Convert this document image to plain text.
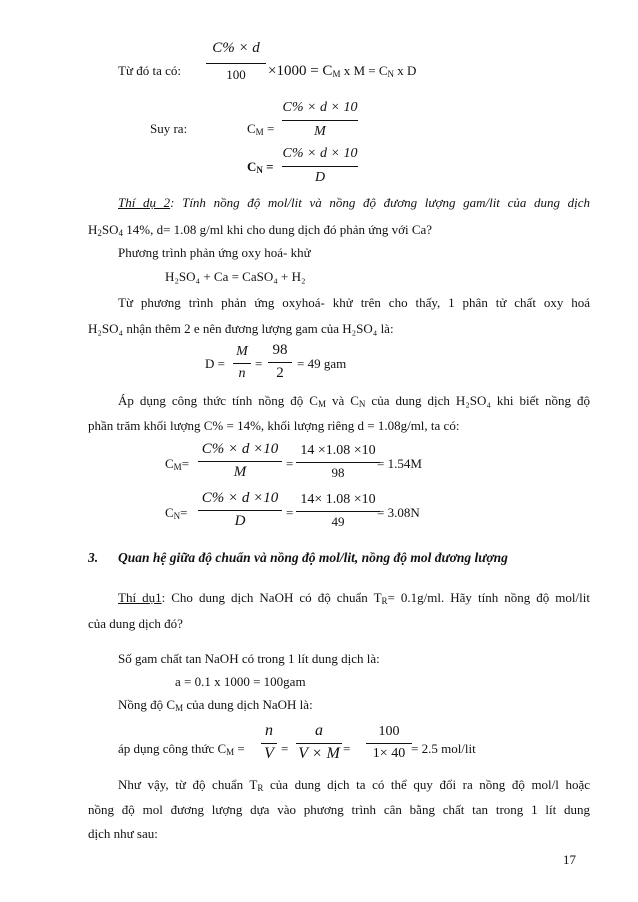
Từ đó ta có:
C% × d
100	$\times 1000 = C_M$ x $M = C_N$ x D
Suy ra:	$C_M$ =
C% × d × 10
M
$C_N$ =
C% × d × 10
D
Thí dụ 2: Tính nồng độ mol/lit và nồng độ đương lượng gam/lit của dung dịch
$H_2SO_4$ 14%, d= 1.08 g/ml khi cho dung dịch đó phản ứng với Ca?
Phương trình phản ứng oxy hoá- khử
H₂SO₄ + Ca = CaSO₄ + H₂
Từ phương trình phản ứng oxyhoá- khử trên cho thấy, 1 phân tử chất oxy hoá
H₂SO₄ nhận thêm 2 e nên đương lượng gam của H₂SO₄ là:
D =
M
n
=
98
2
= 49 gam
Áp dụng công thức tính nồng độ $C_M$ và $C_N$ của dung dịch H₂SO₄ khi biết nồng độ
phần trăm khối lượng C% = 14%, khối lượng riêng d = 1.08g/ml, ta có:
$C_M=$
C% × d ×10
M
=
14 ×1.08 ×10
98
= 1.54M
$C_N=$
C% × d ×10
D
=
14× 1.08 ×10
49
= 3.08N
3. Quan hệ giữa độ chuẩn và nồng độ mol/lit, nồng độ mol đương lượng
Thí dụ1: Cho dung dịch NaOH có độ chuẩn $T_R= 0.1g/ml$. Hãy tính nồng độ mol/lit
của dung dịch đó?
Số gam chất tan NaOH có trong 1 lít dung dịch là:
a = 0.1 x 1000 = 100gam
Nồng độ $C_M$ của dung dịch NaOH là:
áp dụng công thức $C_M$ =
n
V =
a
V × M =
100
1× 40 = 2.5 mol/lit
Như vậy, từ độ chuẩn $T_R$ của dung dịch ta có thể quy đổi ra nồng độ mol/l hoặc
nồng độ mol đương lượng dựa vào phương trình cân bằng chất tan trong 1 lít dung
dịch như sau:
17
